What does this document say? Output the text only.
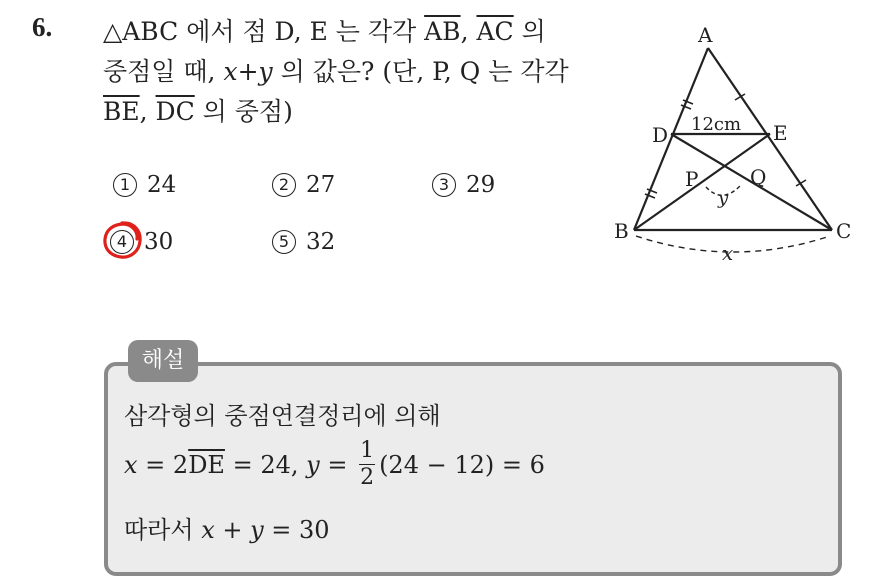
6. △ABC 에서 점 D, E 는 각각 $\overline{AB}$, $\overline{AC}$ 의
중점일 때, x+y 의 값은? (단, P, Q 는 각각
$\overline{BE}$, $\overline{DC}$ 의 중점)
1 24	2 27	3 29
4 30	5 32
A
B	C
D	E
P	Q
12cm
x
y
해설
삼각형의 중점연결정리에 의해
x = 2 $\overline{DE} = 24$, $y = \frac{1}{2} (24 - 12) = 6$
따라서 x + y = 30
